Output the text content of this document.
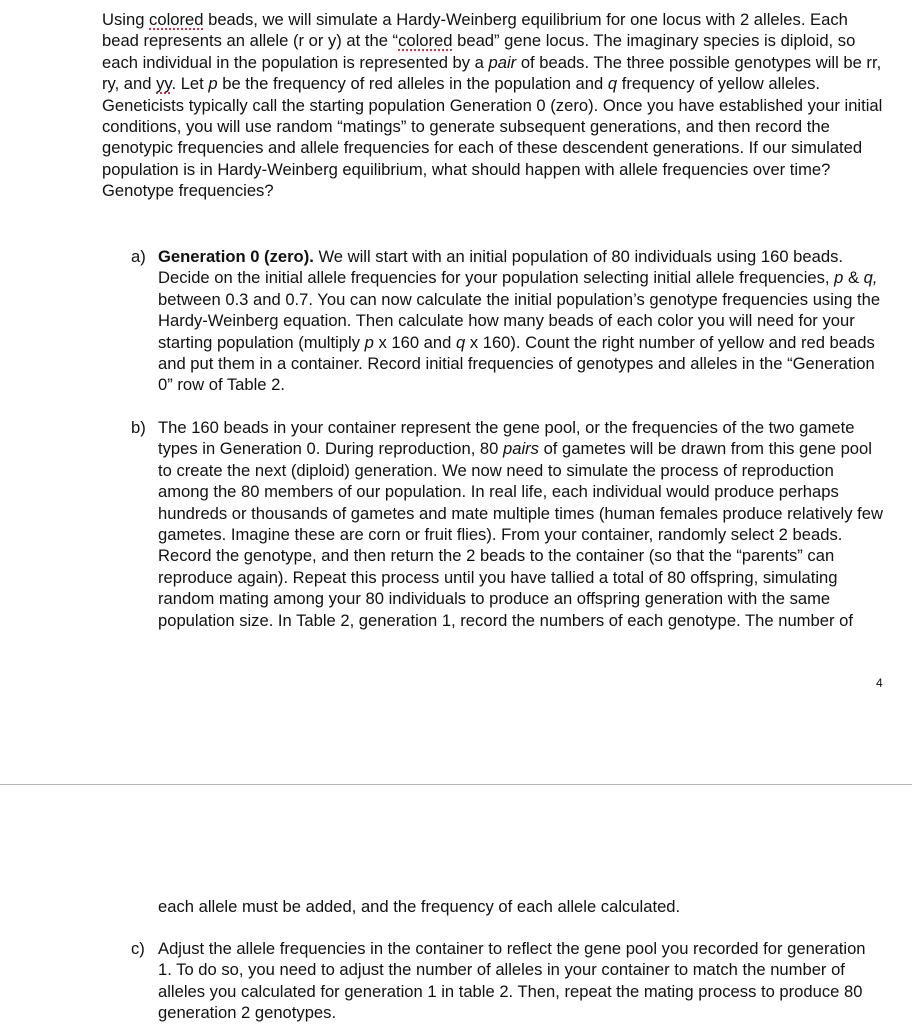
Using colored beads, we will simulate a Hardy-Weinberg equilibrium for one locus with 2 alleles. Each bead represents an allele (r or y) at the “colored bead” gene locus. The imaginary species is diploid, so each individual in the population is represented by a pair of beads. The three possible genotypes will be rr, ry, and yy. Let p be the frequency of red alleles in the population and q frequency of yellow alleles. Geneticists typically call the starting population Generation 0 (zero). Once you have established your initial conditions, you will use random “matings” to generate subsequent generations, and then record the genotypic frequencies and allele frequencies for each of these descendent generations. If our simulated population is in Hardy-Weinberg equilibrium, what should happen with allele frequencies over time? Genotype frequencies?
a) Generation 0 (zero). We will start with an initial population of 80 individuals using 160 beads. Decide on the initial allele frequencies for your population selecting initial allele frequencies, p & q, between 0.3 and 0.7. You can now calculate the initial population’s genotype frequencies using the Hardy-Weinberg equation. Then calculate how many beads of each color you will need for your starting population (multiply p x 160 and q x 160). Count the right number of yellow and red beads and put them in a container. Record initial frequencies of genotypes and alleles in the “Generation 0” row of Table 2.
b) The 160 beads in your container represent the gene pool, or the frequencies of the two gamete types in Generation 0. During reproduction, 80 pairs of gametes will be drawn from this gene pool to create the next (diploid) generation. We now need to simulate the process of reproduction among the 80 members of our population. In real life, each individual would produce perhaps hundreds or thousands of gametes and mate multiple times (human females produce relatively few gametes. Imagine these are corn or fruit flies). From your container, randomly select 2 beads. Record the genotype, and then return the 2 beads to the container (so that the “parents” can reproduce again). Repeat this process until you have tallied a total of 80 offspring, simulating random mating among your 80 individuals to produce an offspring generation with the same population size. In Table 2, generation 1, record the numbers of each genotype. The number of
4
each allele must be added, and the frequency of each allele calculated.
c) Adjust the allele frequencies in the container to reflect the gene pool you recorded for generation 1. To do so, you need to adjust the number of alleles in your container to match the number of alleles you calculated for generation 1 in table 2. Then, repeat the mating process to produce 80 generation 2 genotypes.
